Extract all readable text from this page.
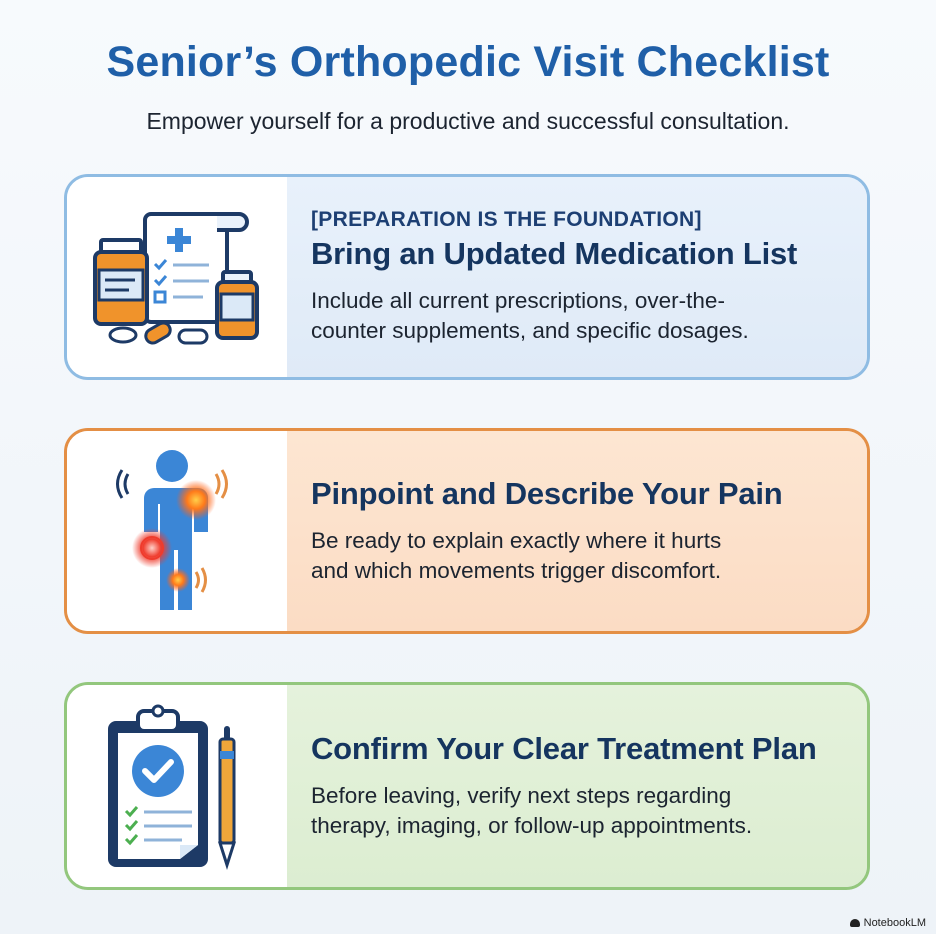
Senior’s Orthopedic Visit Checklist

Empower yourself for a productive and successful consultation.

[PREPARATION IS THE FOUNDATION]

Bring an Updated Medication List

Include all current prescriptions, over-the-
counter supplements, and specific dosages.

Pinpoint and Describe Your Pain

Be ready to explain exactly where it hurts
and which movements trigger discomfort.

Confirm Your Clear Treatment Plan

Before leaving, verify next steps regarding
therapy, imaging, or follow-up appointments.

NotebookLM
